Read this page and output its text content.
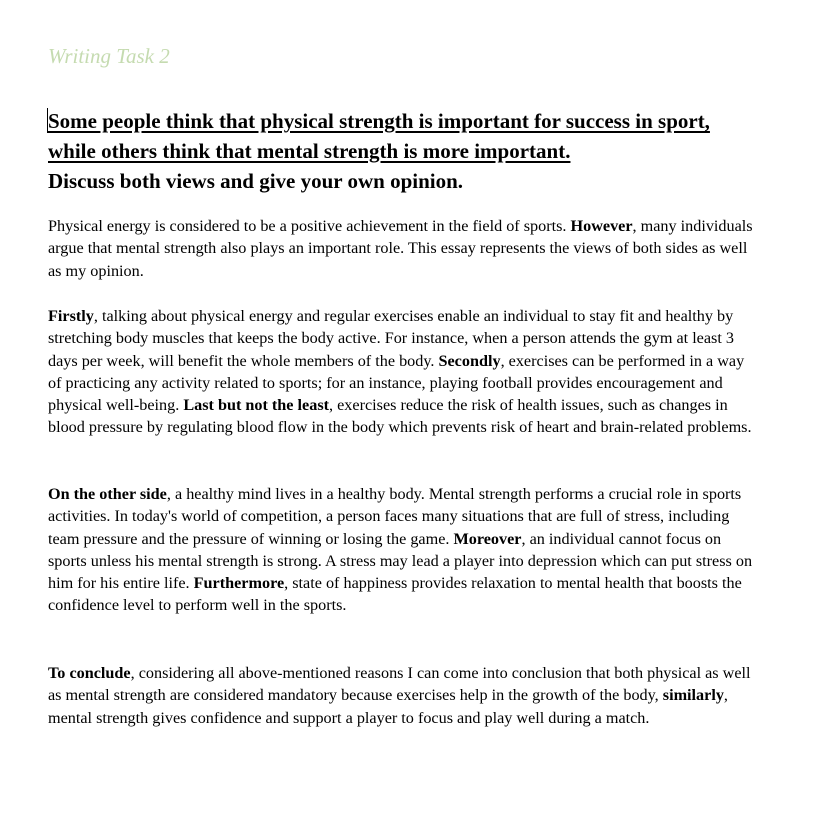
Writing Task 2
Some people think that physical strength is important for success in sport, while others think that mental strength is more important.
Discuss both views and give your own opinion.

Physical energy is considered to be a positive achievement in the field of sports. However, many individuals argue that mental strength also plays an important role. This essay represents the views of both sides as well as my opinion.

Firstly, talking about physical energy and regular exercises enable an individual to stay fit and healthy by stretching body muscles that keeps the body active. For instance, when a person attends the gym at least 3 days per week, will benefit the whole members of the body. Secondly, exercises can be performed in a way of practicing any activity related to sports; for an instance, playing football provides encouragement and physical well-being. Last but not the least, exercises reduce the risk of health issues, such as changes in blood pressure by regulating blood flow in the body which prevents risk of heart and brain-related problems.

On the other side, a healthy mind lives in a healthy body. Mental strength performs a crucial role in sports activities. In today's world of competition, a person faces many situations that are full of stress, including team pressure and the pressure of winning or losing the game. Moreover, an individual cannot focus on sports unless his mental strength is strong. A stress may lead a player into depression which can put stress on him for his entire life. Furthermore, state of happiness provides relaxation to mental health that boosts the confidence level to perform well in the sports.

To conclude, considering all above-mentioned reasons I can come into conclusion that both physical as well as mental strength are considered mandatory because exercises help in the growth of the body, similarly, mental strength gives confidence and support a player to focus and play well during a match.
